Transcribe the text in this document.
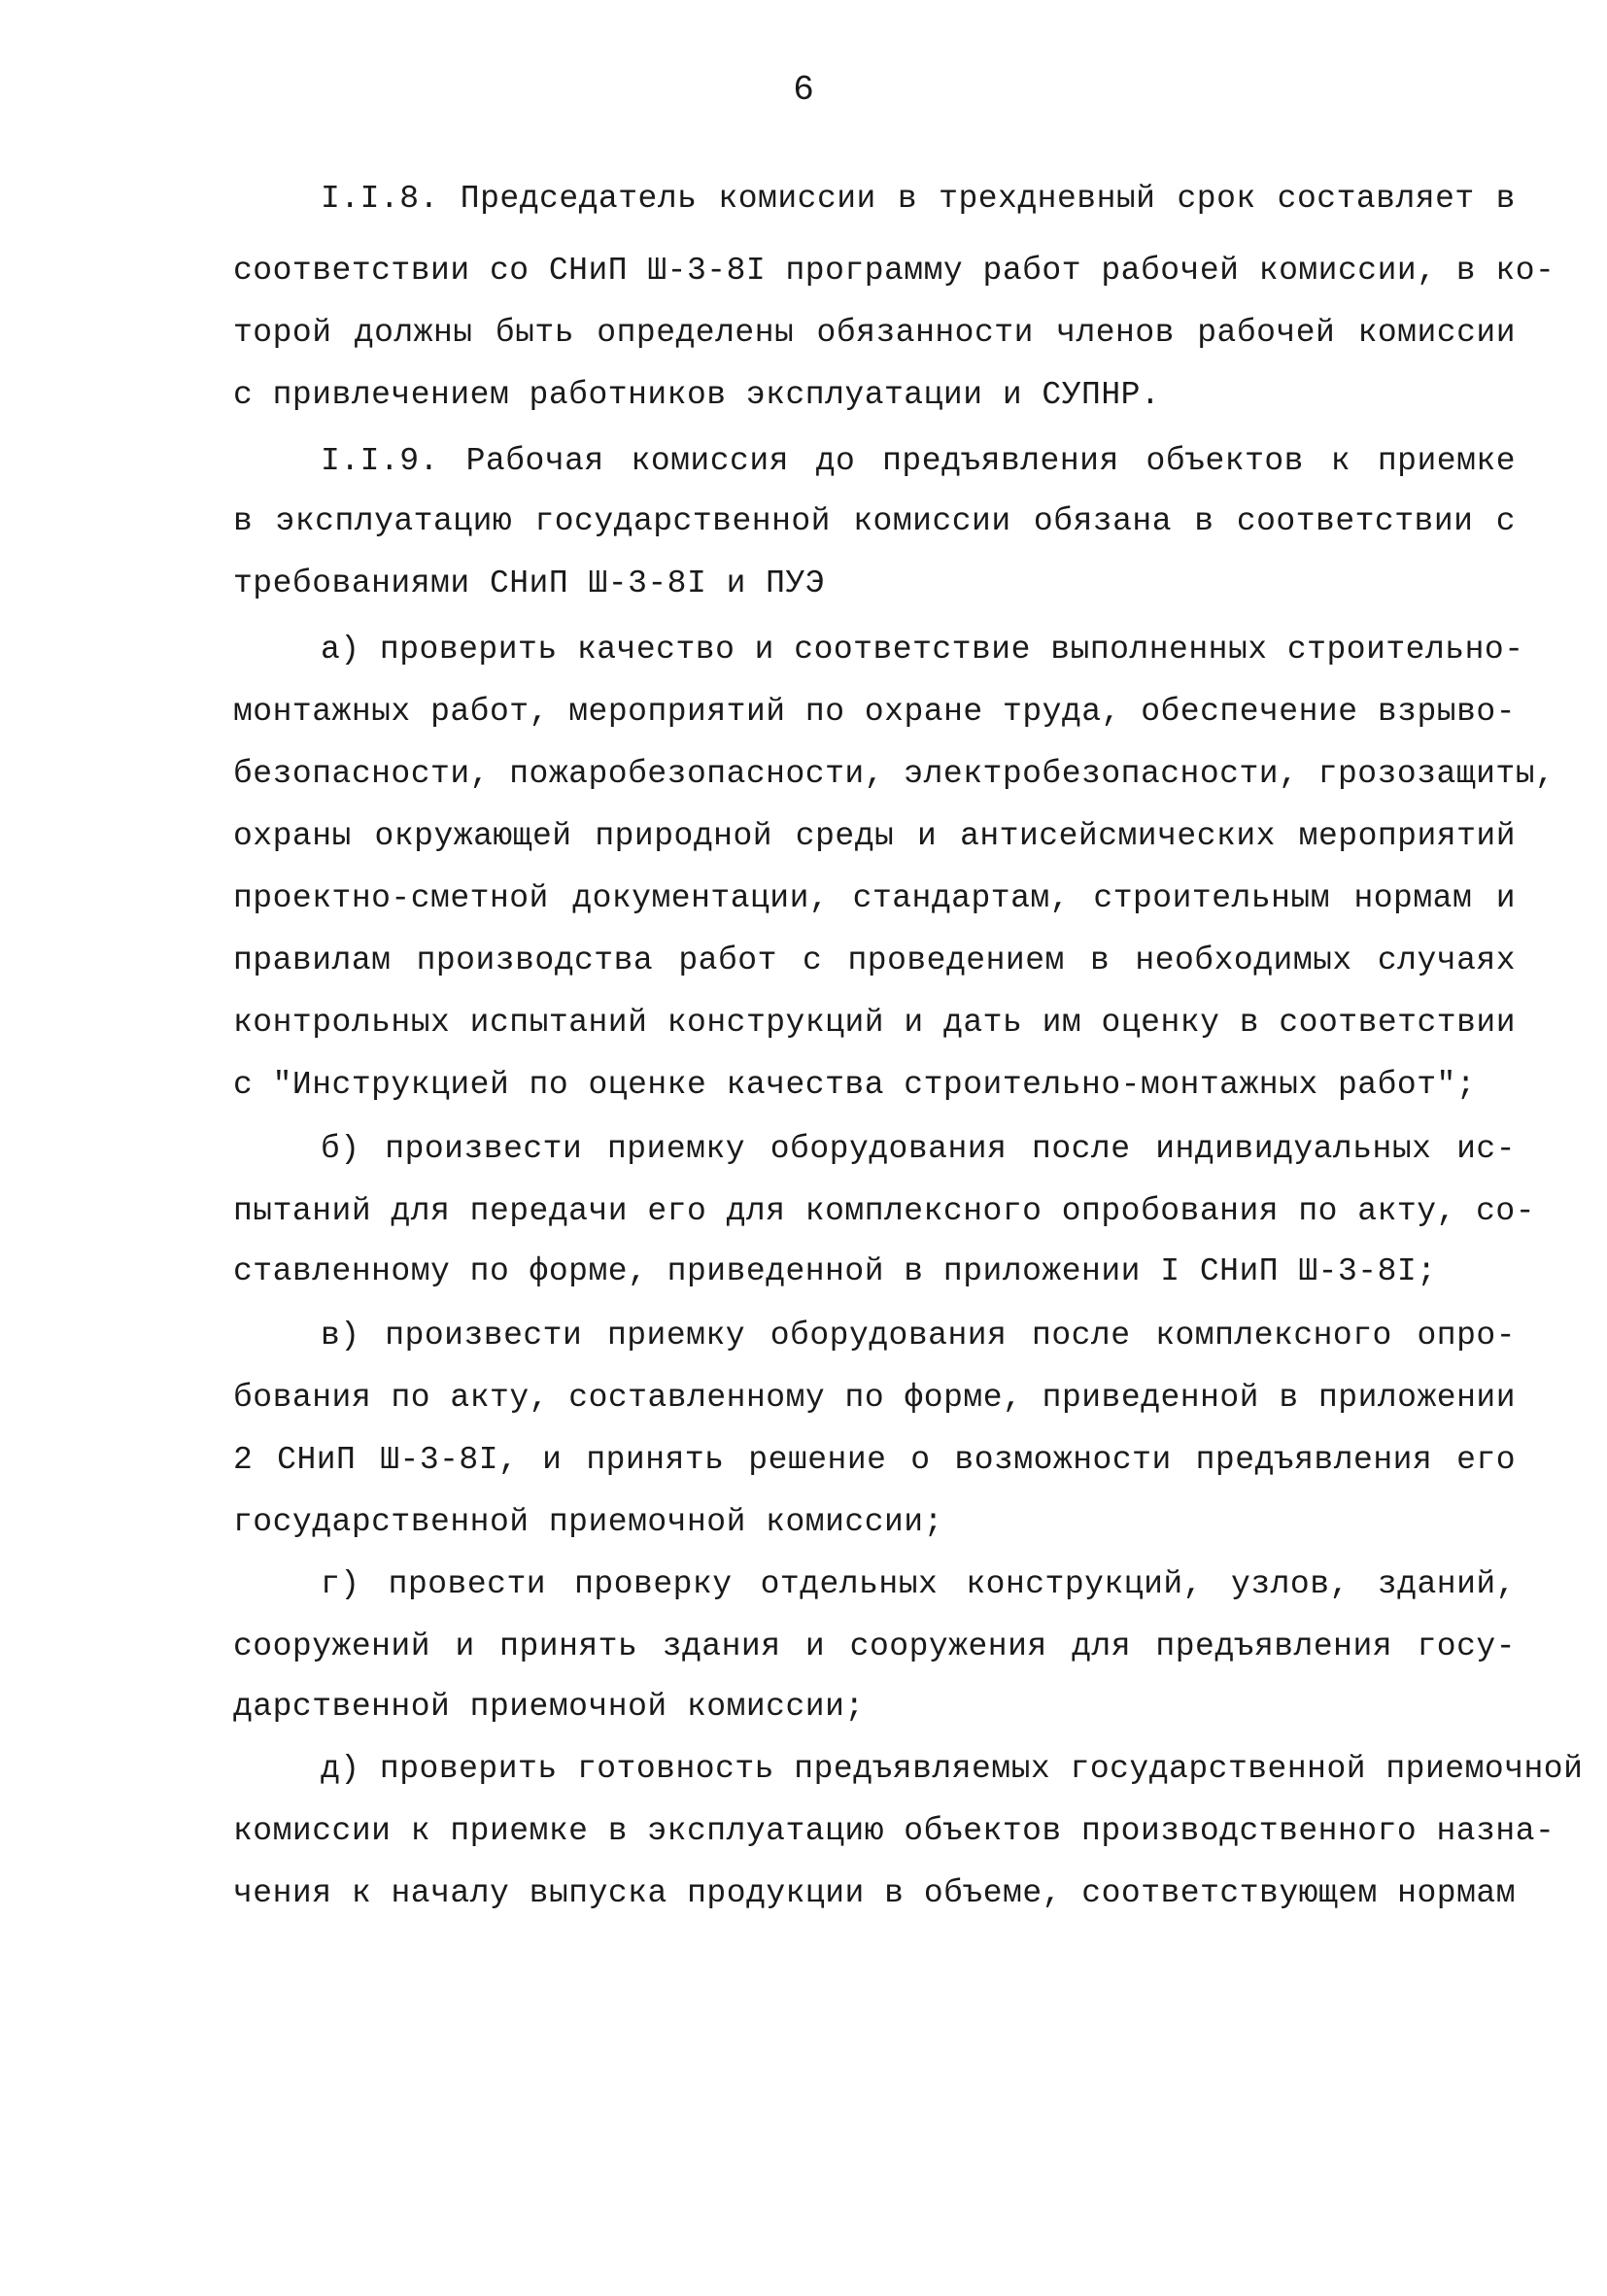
6
I.I.8. Председатель комиссии в трехдневный срок составляет в
соответствии со СНиП Ш-3-8I программу работ рабочей комиссии, в ко-
торой должны быть определены обязанности членов рабочей комиссии
с привлечением работников эксплуатации и СУПНР.
I.I.9. Рабочая комиссия до предъявления объектов к приемке
в эксплуатацию государственной комиссии обязана в соответствии с
требованиями СНиП Ш-3-8I и ПУЭ
а) проверить качество и соответствие выполненных строительно-
монтажных работ, мероприятий по охране труда, обеспечение взрыво-
безопасности, пожаробезопасности, электробезопасности, грозозащиты,
охраны окружающей природной среды и антисейсмических мероприятий
проектно-сметной документации, стандартам, строительным нормам и
правилам производства работ с проведением в необходимых случаях
контрольных испытаний конструкций и дать им оценку в соответствии
с "Инструкцией по оценке качества строительно-монтажных работ";
б) произвести приемку оборудования после индивидуальных ис-
пытаний для передачи его для комплексного опробования по акту, со-
ставленному по форме, приведенной в приложении I СНиП Ш-3-8I;
в) произвести приемку оборудования после комплексного опро-
бования по акту, составленному по форме, приведенной в приложении
2 СНиП Ш-3-8I, и принять решение о возможности предъявления его
государственной приемочной комиссии;
г) провести проверку отдельных конструкций, узлов, зданий,
сооружений и принять здания и сооружения для предъявления госу-
дарственной приемочной комиссии;
д) проверить готовность предъявляемых государственной приемочной
комиссии к приемке в эксплуатацию объектов производственного назна-
чения к началу выпуска продукции в объеме, соответствующем нормам
